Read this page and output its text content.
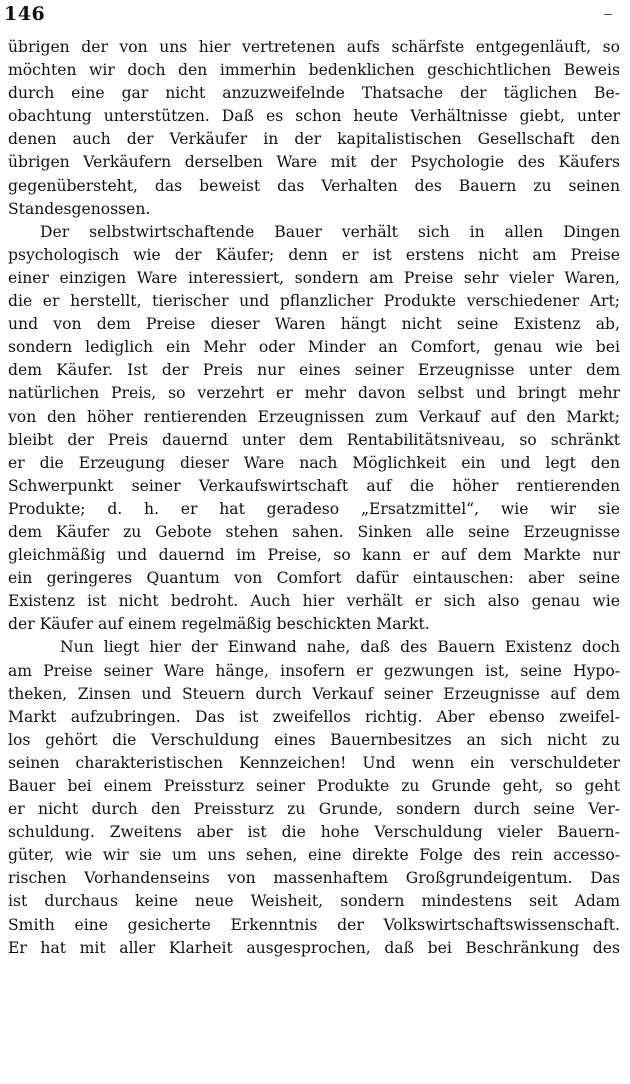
146
übrigen der von uns hier vertretenen aufs schärfste entgegenläuft, so
möchten wir doch den immerhin bedenklichen geschichtlichen Beweis
durch eine gar nicht anzuzweifelnde Thatsache der täglichen Be-
obachtung unterstützen. Daß es schon heute Verhältnisse giebt, unter
denen auch der Verkäufer in der kapitalistischen Gesellschaft den
übrigen Verkäufern derselben Ware mit der Psychologie des Käufers
gegenübersteht, das beweist das Verhalten des Bauern zu seinen
Standesgenossen.
Der selbstwirtschaftende Bauer verhält sich in allen Dingen
psychologisch wie der Käufer; denn er ist erstens nicht am Preise
einer einzigen Ware interessiert, sondern am Preise sehr vieler Waren,
die er herstellt, tierischer und pflanzlicher Produkte verschiedener Art;
und von dem Preise dieser Waren hängt nicht seine Existenz ab,
sondern lediglich ein Mehr oder Minder an Comfort, genau wie bei
dem Käufer. Ist der Preis nur eines seiner Erzeugnisse unter dem
natürlichen Preis, so verzehrt er mehr davon selbst und bringt mehr
von den höher rentierenden Erzeugnissen zum Verkauf auf den Markt;
bleibt der Preis dauernd unter dem Rentabilitätsniveau, so schränkt
er die Erzeugung dieser Ware nach Möglichkeit ein und legt den
Schwerpunkt seiner Verkaufswirtschaft auf die höher rentierenden
Produkte; d. h. er hat geradeso „Ersatzmittel“, wie wir sie
dem Käufer zu Gebote stehen sahen. Sinken alle seine Erzeugnisse
gleichmäßig und dauernd im Preise, so kann er auf dem Markte nur
ein geringeres Quantum von Comfort dafür eintauschen: aber seine
Existenz ist nicht bedroht. Auch hier verhält er sich also genau wie
der Käufer auf einem regelmäßig beschickten Markt.
Nun liegt hier der Einwand nahe, daß des Bauern Existenz doch
am Preise seiner Ware hänge, insofern er gezwungen ist, seine Hypo-
theken, Zinsen und Steuern durch Verkauf seiner Erzeugnisse auf dem
Markt aufzubringen. Das ist zweifellos richtig. Aber ebenso zweifel-
los gehört die Verschuldung eines Bauernbesitzes an sich nicht zu
seinen charakteristischen Kennzeichen! Und wenn ein verschuldeter
Bauer bei einem Preissturz seiner Produkte zu Grunde geht, so geht
er nicht durch den Preissturz zu Grunde, sondern durch seine Ver-
schuldung. Zweitens aber ist die hohe Verschuldung vieler Bauern-
güter, wie wir sie um uns sehen, eine direkte Folge des rein accesso-
rischen Vorhandenseins von massenhaftem Großgrundeigentum. Das
ist durchaus keine neue Weisheit, sondern mindestens seit Adam
Smith eine gesicherte Erkenntnis der Volkswirtschaftswissenschaft.
Er hat mit aller Klarheit ausgesprochen, daß bei Beschränkung des
